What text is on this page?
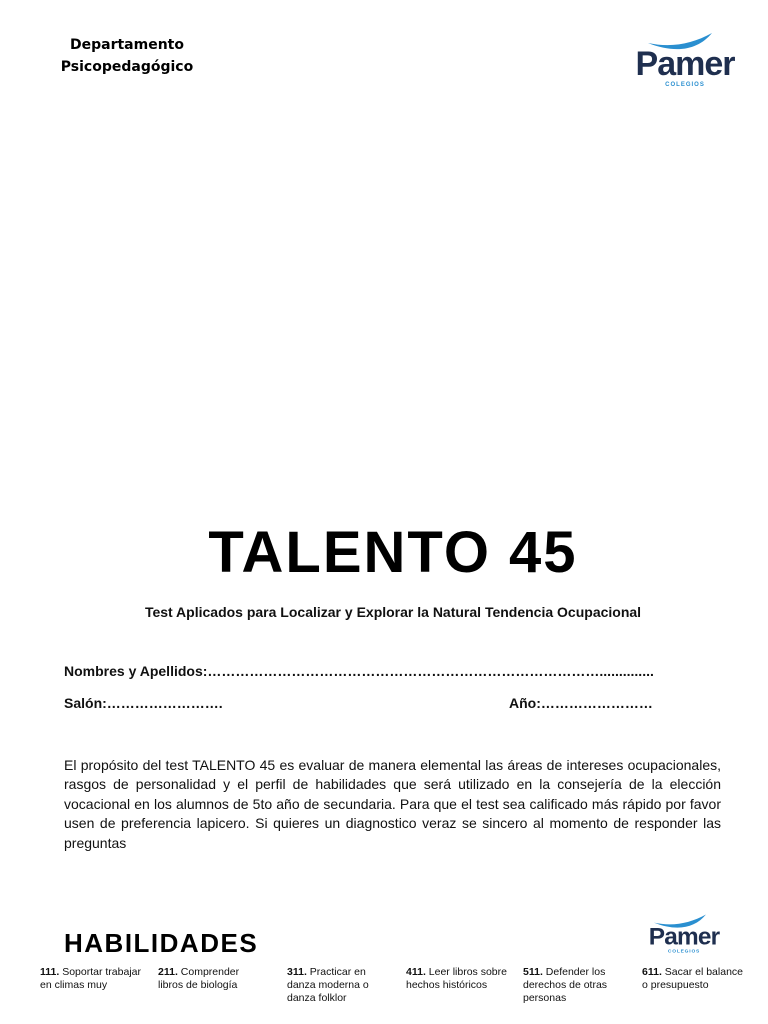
Departamento
Psicopedagógico	Pamer
COLEGIOS
TALENTO 45
Test Aplicados para Localizar y Explorar la Natural Tendencia Ocupacional
Nombres y Apellidos:…………………………………………………………………………..............
Salón:…………………….	Año:……………………
El propósito del test TALENTO 45 es evaluar de manera elemental las áreas de intereses ocupacionales, rasgos de personalidad y el perfil de habilidades que será utilizado en la consejería de la elección vocacional en los alumnos de 5to año de secundaria. Para que el test sea calificado más rápido por favor usen de preferencia lapicero. Si quieres un diagnostico veraz se sincero al momento de responder las preguntas
HABILIDADES	Pamer
COLEGIOS
111. Soportar trabajar en climas muy
211. Comprender libros de biología
311. Practicar en danza moderna o danza folklor
411. Leer libros sobre hechos históricos
511. Defender los derechos de otras personas
611. Sacar el balance o presupuesto
